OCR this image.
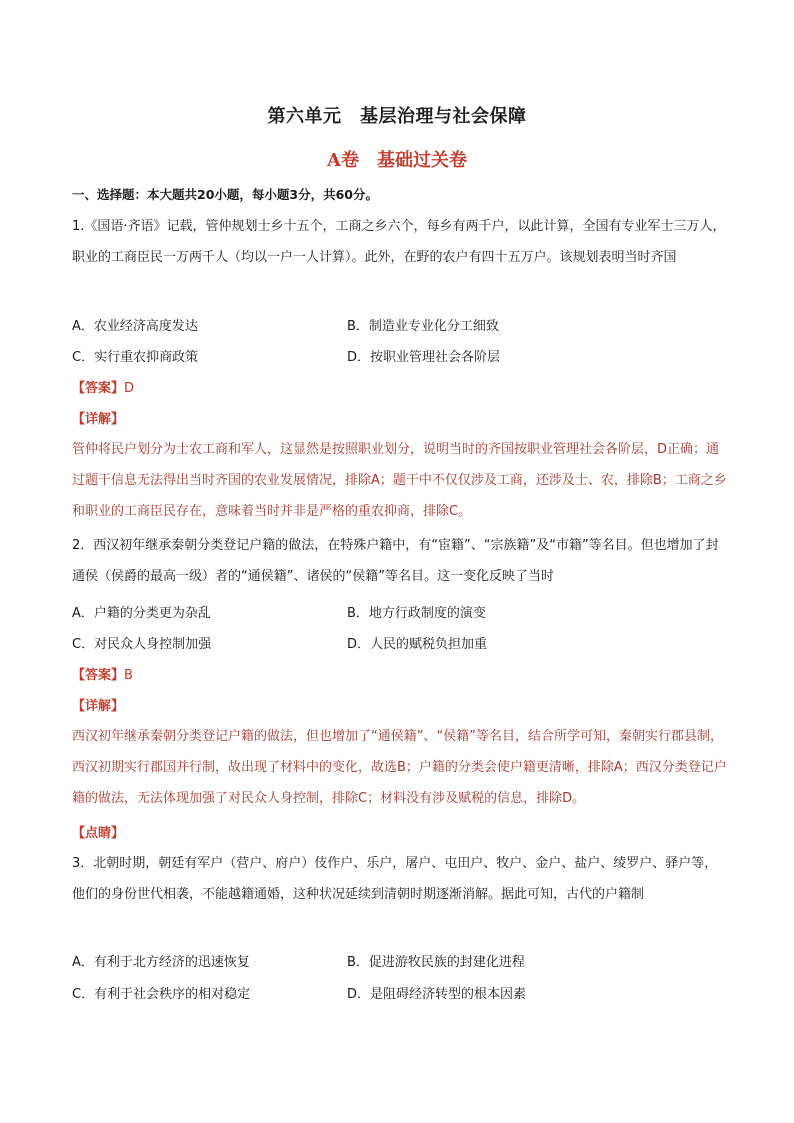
第六单元　基层治理与社会保障
A卷　基础过关卷
一、选择题：本大题共20小题，每小题3分，共60分。
1.《国语·齐语》记载，管仲规划士乡十五个，工商之乡六个，每乡有两千户，以此计算，全国有专业军士三万人，职业的工商臣民一万两千人（均以一户一人计算）。此外，在野的农户有四十五万户。该规划表明当时齐国
A．农业经济高度发达	B．制造业专业化分工细致
C．实行重农抑商政策	D．按职业管理社会各阶层
【答案】D
【详解】
管仲将民户划分为士农工商和军人，这显然是按照职业划分，说明当时的齐国按职业管理社会各阶层，D正确；通过题干信息无法得出当时齐国的农业发展情况，排除A；题干中不仅仅涉及工商，还涉及士、农，排除B；工商之乡和职业的工商臣民存在，意味着当时并非是严格的重农抑商，排除C。
2．西汉初年继承秦朝分类登记户籍的做法，在特殊户籍中，有“宦籍”、“宗族籍”及“市籍”等名目。但也增加了封通侯（侯爵的最高一级）者的“通侯籍”、诸侯的“侯籍”等名目。这一变化反映了当时
A．户籍的分类更为杂乱	B．地方行政制度的演变
C．对民众人身控制加强	D．人民的赋税负担加重
【答案】B
【详解】
西汉初年继承秦朝分类登记户籍的做法，但也增加了“通侯籍”、“侯籍”等名目，结合所学可知，秦朝实行郡县制，西汉初期实行郡国并行制，故出现了材料中的变化，故选B；户籍的分类会使户籍更清晰，排除A；西汉分类登记户籍的做法，无法体现加强了对民众人身控制，排除C；材料没有涉及赋税的信息，排除D。
【点睛】
3．北朝时期，朝廷有军户（营户、府户）伎作户、乐户，屠户、屯田户、牧户、金户、盐户、绫罗户、驿户等，他们的身份世代相袭，不能越籍通婚，这种状况延续到清朝时期逐渐消解。据此可知，古代的户籍制
A．有利于北方经济的迅速恢复	B．促进游牧民族的封建化进程
C．有利于社会秩序的相对稳定	D．是阻碍经济转型的根本因素
